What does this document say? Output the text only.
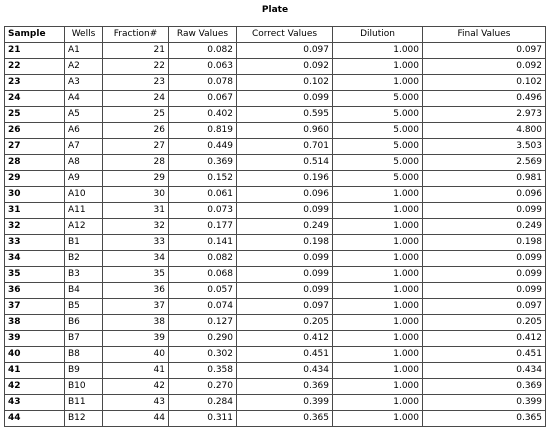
Plate
Sample	Wells	Fraction#	Raw Values	Correct Values	Dilution	Final Values
21	A1	21	0.082	0.097	1.000	0.097
22	A2	22	0.063	0.092	1.000	0.092
23	A3	23	0.078	0.102	1.000	0.102
24	A4	24	0.067	0.099	5.000	0.496
25	A5	25	0.402	0.595	5.000	2.973
26	A6	26	0.819	0.960	5.000	4.800
27	A7	27	0.449	0.701	5.000	3.503
28	A8	28	0.369	0.514	5.000	2.569
29	A9	29	0.152	0.196	5.000	0.981
30	A10	30	0.061	0.096	1.000	0.096
31	A11	31	0.073	0.099	1.000	0.099
32	A12	32	0.177	0.249	1.000	0.249
33	B1	33	0.141	0.198	1.000	0.198
34	B2	34	0.082	0.099	1.000	0.099
35	B3	35	0.068	0.099	1.000	0.099
36	B4	36	0.057	0.099	1.000	0.099
37	B5	37	0.074	0.097	1.000	0.097
38	B6	38	0.127	0.205	1.000	0.205
39	B7	39	0.290	0.412	1.000	0.412
40	B8	40	0.302	0.451	1.000	0.451
41	B9	41	0.358	0.434	1.000	0.434
42	B10	42	0.270	0.369	1.000	0.369
43	B11	43	0.284	0.399	1.000	0.399
44	B12	44	0.311	0.365	1.000	0.365
